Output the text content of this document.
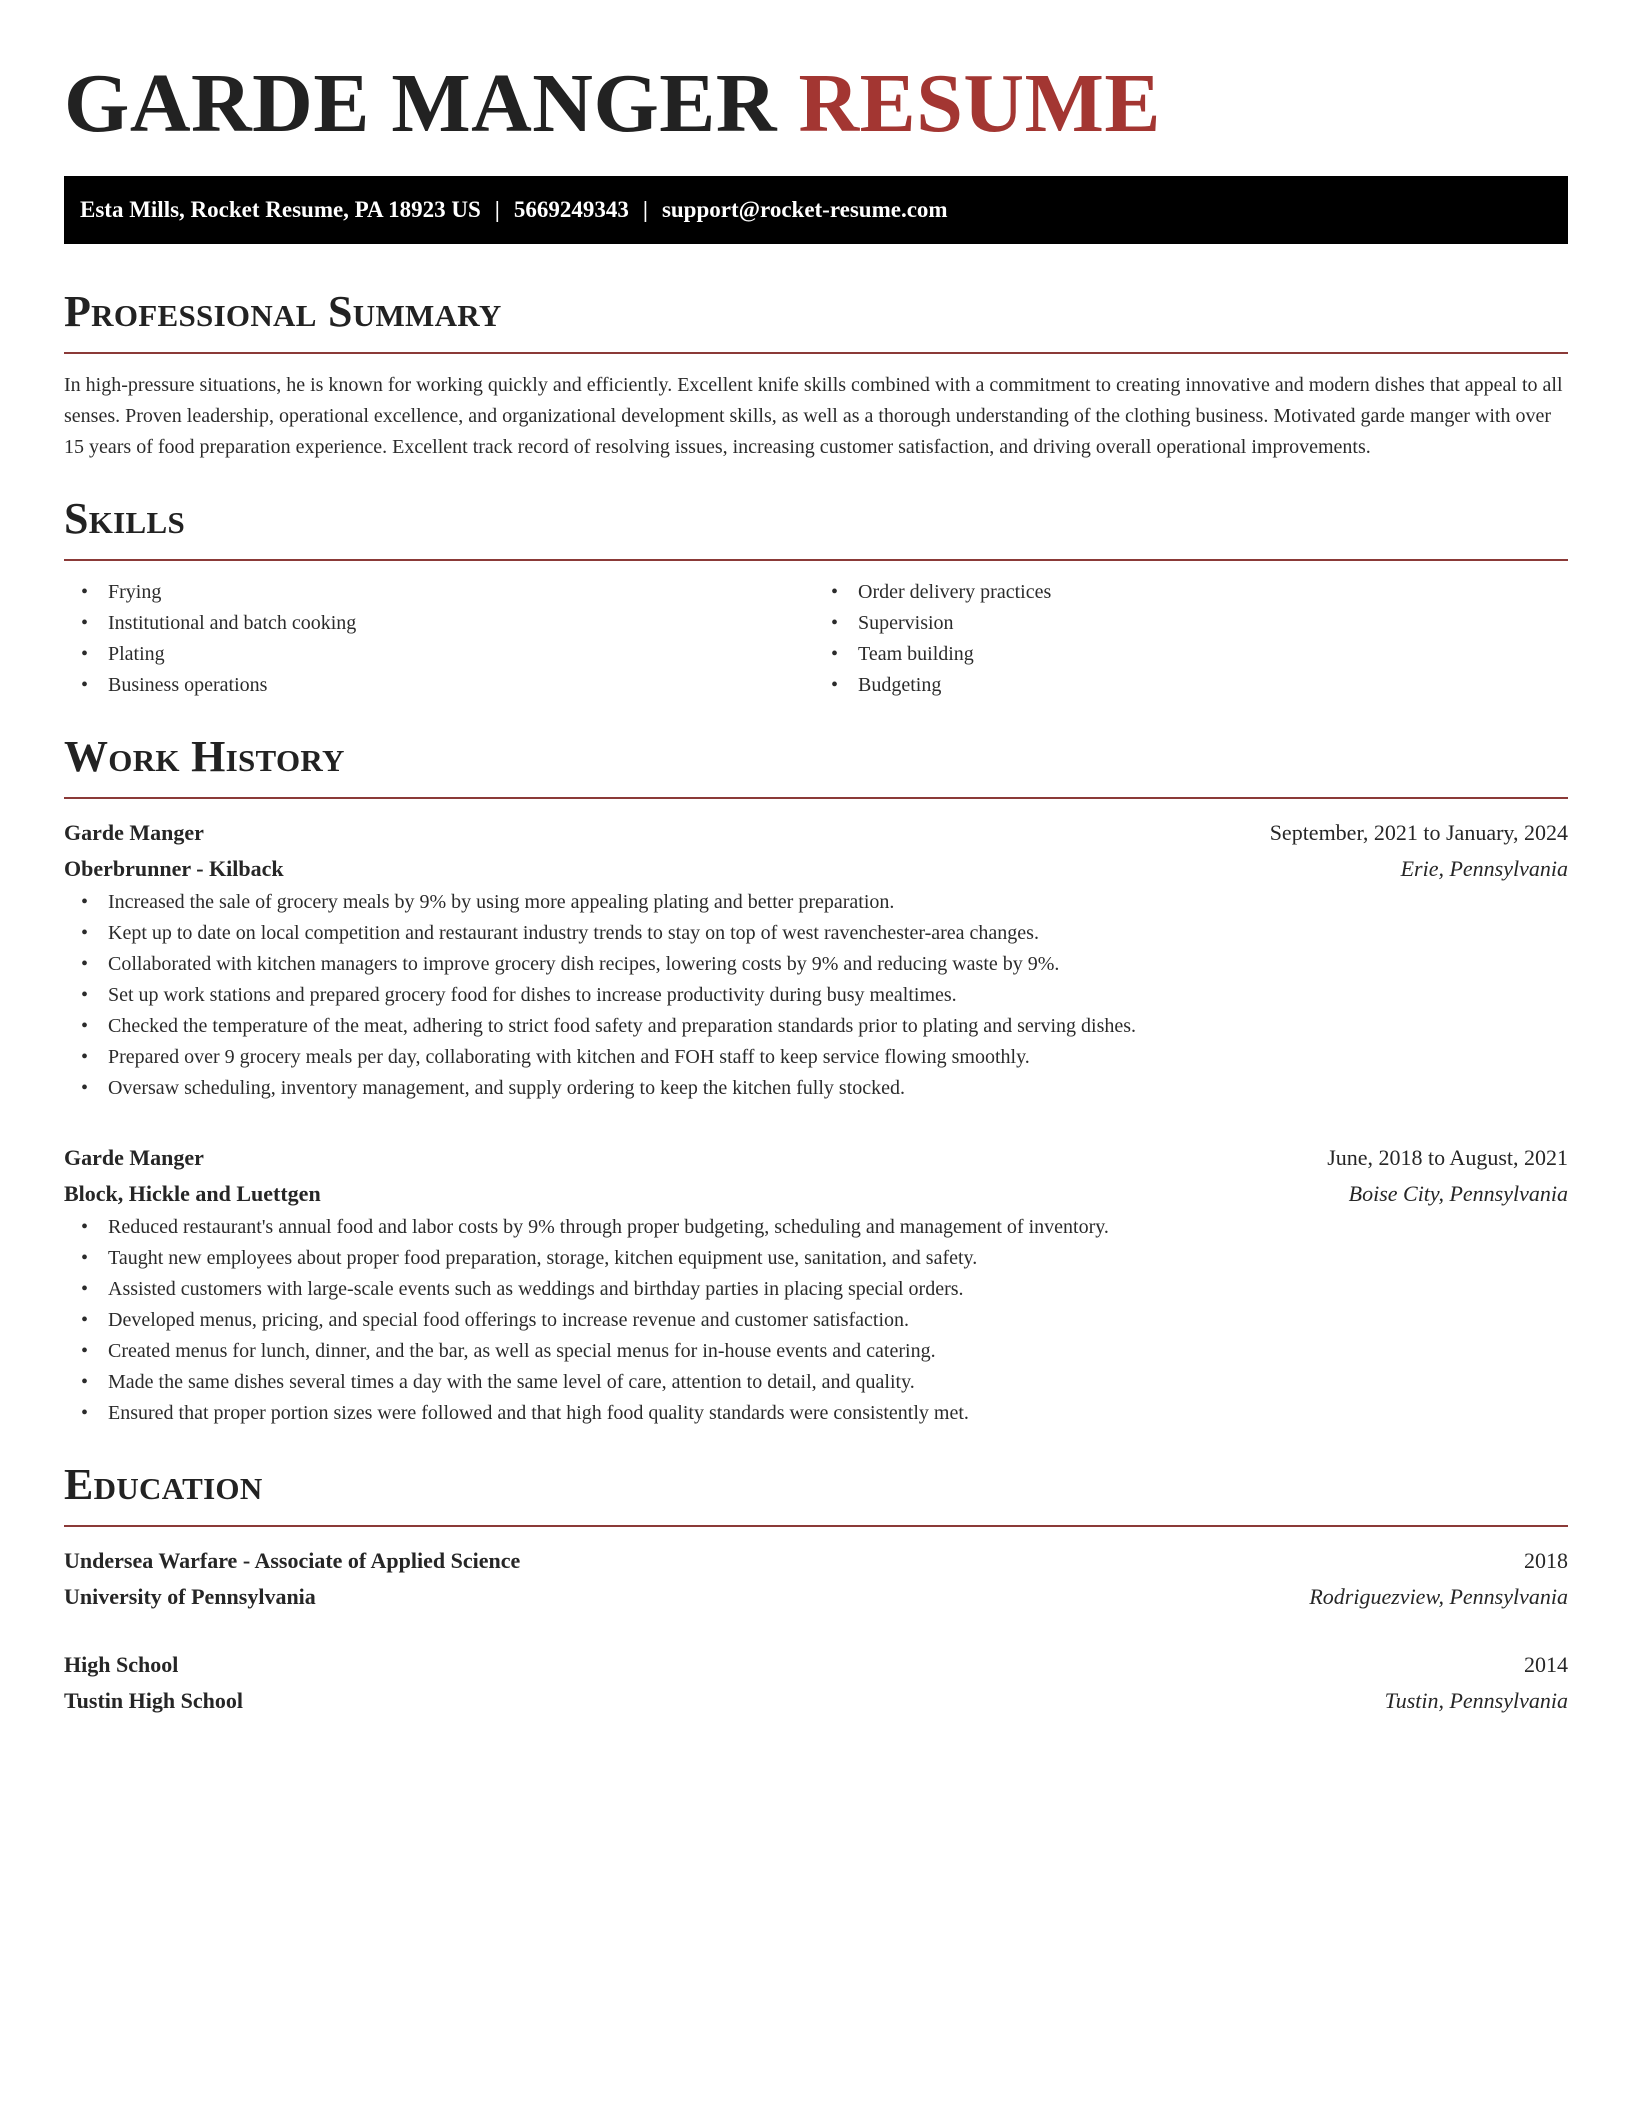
GARDE MANGER RESUME
Esta Mills, Rocket Resume, PA 18923 US | 5669249343 | support@rocket-resume.com
Professional Summary

In high-pressure situations, he is known for working quickly and efficiently. Excellent knife skills combined with a commitment to creating innovative and modern dishes that appeal to all senses. Proven leadership, operational excellence, and organizational development skills, as well as a thorough understanding of the clothing business. Motivated garde manger with over 15 years of food preparation experience. Excellent track record of resolving issues, increasing customer satisfaction, and driving overall operational improvements.

Skills
• Frying
• Institutional and batch cooking
• Plating
• Business operations
• Order delivery practices
• Supervision
• Team building
• Budgeting
Work History
Garde Manger	September, 2021 to January, 2024
Oberbrunner - Kilback	Erie, Pennsylvania
• Increased the sale of grocery meals by 9% by using more appealing plating and better preparation.
• Kept up to date on local competition and restaurant industry trends to stay on top of west ravenchester-area changes.
• Collaborated with kitchen managers to improve grocery dish recipes, lowering costs by 9% and reducing waste by 9%.
• Set up work stations and prepared grocery food for dishes to increase productivity during busy mealtimes.
• Checked the temperature of the meat, adhering to strict food safety and preparation standards prior to plating and serving dishes.
• Prepared over 9 grocery meals per day, collaborating with kitchen and FOH staff to keep service flowing smoothly.
• Oversaw scheduling, inventory management, and supply ordering to keep the kitchen fully stocked.
Garde Manger	June, 2018 to August, 2021
Block, Hickle and Luettgen	Boise City, Pennsylvania
• Reduced restaurant's annual food and labor costs by 9% through proper budgeting, scheduling and management of inventory.
• Taught new employees about proper food preparation, storage, kitchen equipment use, sanitation, and safety.
• Assisted customers with large-scale events such as weddings and birthday parties in placing special orders.
• Developed menus, pricing, and special food offerings to increase revenue and customer satisfaction.
• Created menus for lunch, dinner, and the bar, as well as special menus for in-house events and catering.
• Made the same dishes several times a day with the same level of care, attention to detail, and quality.
• Ensured that proper portion sizes were followed and that high food quality standards were consistently met.
Education
Undersea Warfare - Associate of Applied Science	2018
University of Pennsylvania	Rodriguezview, Pennsylvania
High School	2014
Tustin High School	Tustin, Pennsylvania
